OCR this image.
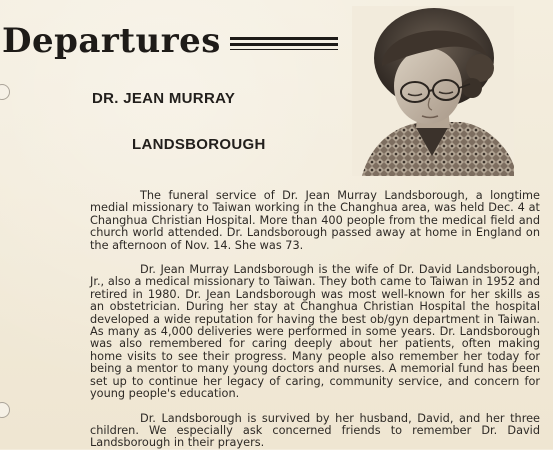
Departures
DR. JEAN MURRAY
LANDSBOROUGH

The funeral service of Dr. Jean Murray Landsborough, a longtime medial missionary to Taiwan working in the Changhua area, was held Dec. 4 at Changhua Christian Hospital. More than 400 people from the medical field and church world attended. Dr. Landsborough passed away at home in England on the afternoon of Nov. 14. She was 73.

Dr. Jean Murray Landsborough is the wife of Dr. David Landsborough, Jr., also a medical missionary to Taiwan. They both came to Taiwan in 1952 and retired in 1980. Dr. Jean Landsborough was most well-known for her skills as an obstetrician. During her stay at Changhua Christian Hospital the hospital developed a wide reputation for having the best ob/gyn department in Taiwan. As many as 4,000 deliveries were performed in some years. Dr. Landsborough was also remembered for caring deeply about her patients, often making home visits to see their progress. Many people also remember her today for being a mentor to many young doctors and nurses. A memorial fund has been set up to continue her legacy of caring, community service, and concern for young people's education.

Dr. Landsborough is survived by her husband, David, and her three children. We especially ask concerned friends to remember Dr. David Landsborough in their prayers.
